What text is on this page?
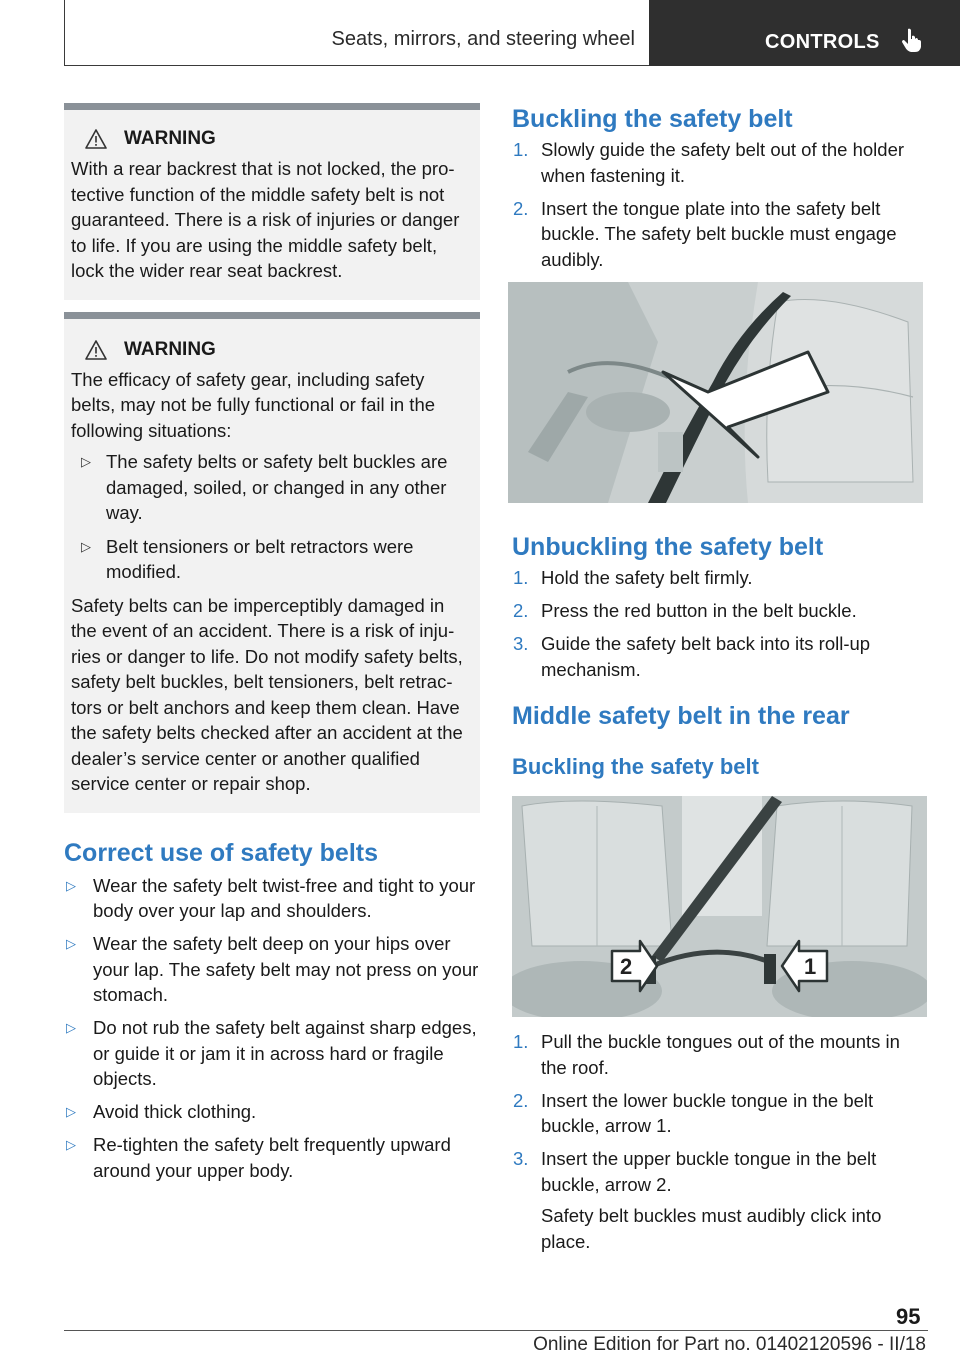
Seats, mirrors, and steering wheel	CONTROLS
WARNING

With a rear backrest that is not locked, the pro‐tective function of the middle safety belt is not guaranteed. There is a risk of injuries or danger to life. If you are using the middle safety belt, lock the wider rear seat backrest.

WARNING

The efficacy of safety gear, including safety belts, may not be fully functional or fail in the following situations:

▷ The safety belts or safety belt buckles are damaged, soiled, or changed in any other way.
▷ Belt tensioners or belt retractors were modified.

Safety belts can be imperceptibly damaged in the event of an accident. There is a risk of inju‐ries or danger to life. Do not modify safety belts, safety belt buckles, belt tensioners, belt retrac‐tors or belt anchors and keep them clean. Have the safety belts checked after an accident at the dealer’s service center or another qualified service center or repair shop.

Correct use of safety belts
▷ Wear the safety belt twist-free and tight to your body over your lap and shoulders.
▷ Wear the safety belt deep on your hips over your lap. The safety belt may not press on your stomach.
▷ Do not rub the safety belt against sharp edges, or guide it or jam it in across hard or fragile objects.
▷ Avoid thick clothing.
▷ Re-tighten the safety belt frequently upward around your upper body.
Buckling the safety belt
1. Slowly guide the safety belt out of the holder when fastening it.
2. Insert the tongue plate into the safety belt buckle. The safety belt buckle must engage audibly.
Unbuckling the safety belt
1. Hold the safety belt firmly.
2. Press the red button in the belt buckle.
3. Guide the safety belt back into its roll-up mechanism.
Middle safety belt in the rear
Buckling the safety belt
2	1
1. Pull the buckle tongues out of the mounts in the roof.
2. Insert the lower buckle tongue in the belt buckle, arrow 1.
3. Insert the upper buckle tongue in the belt buckle, arrow 2.
Safety belt buckles must audibly click into place.
95
Online Edition for Part no. 01402120596 - II/18
